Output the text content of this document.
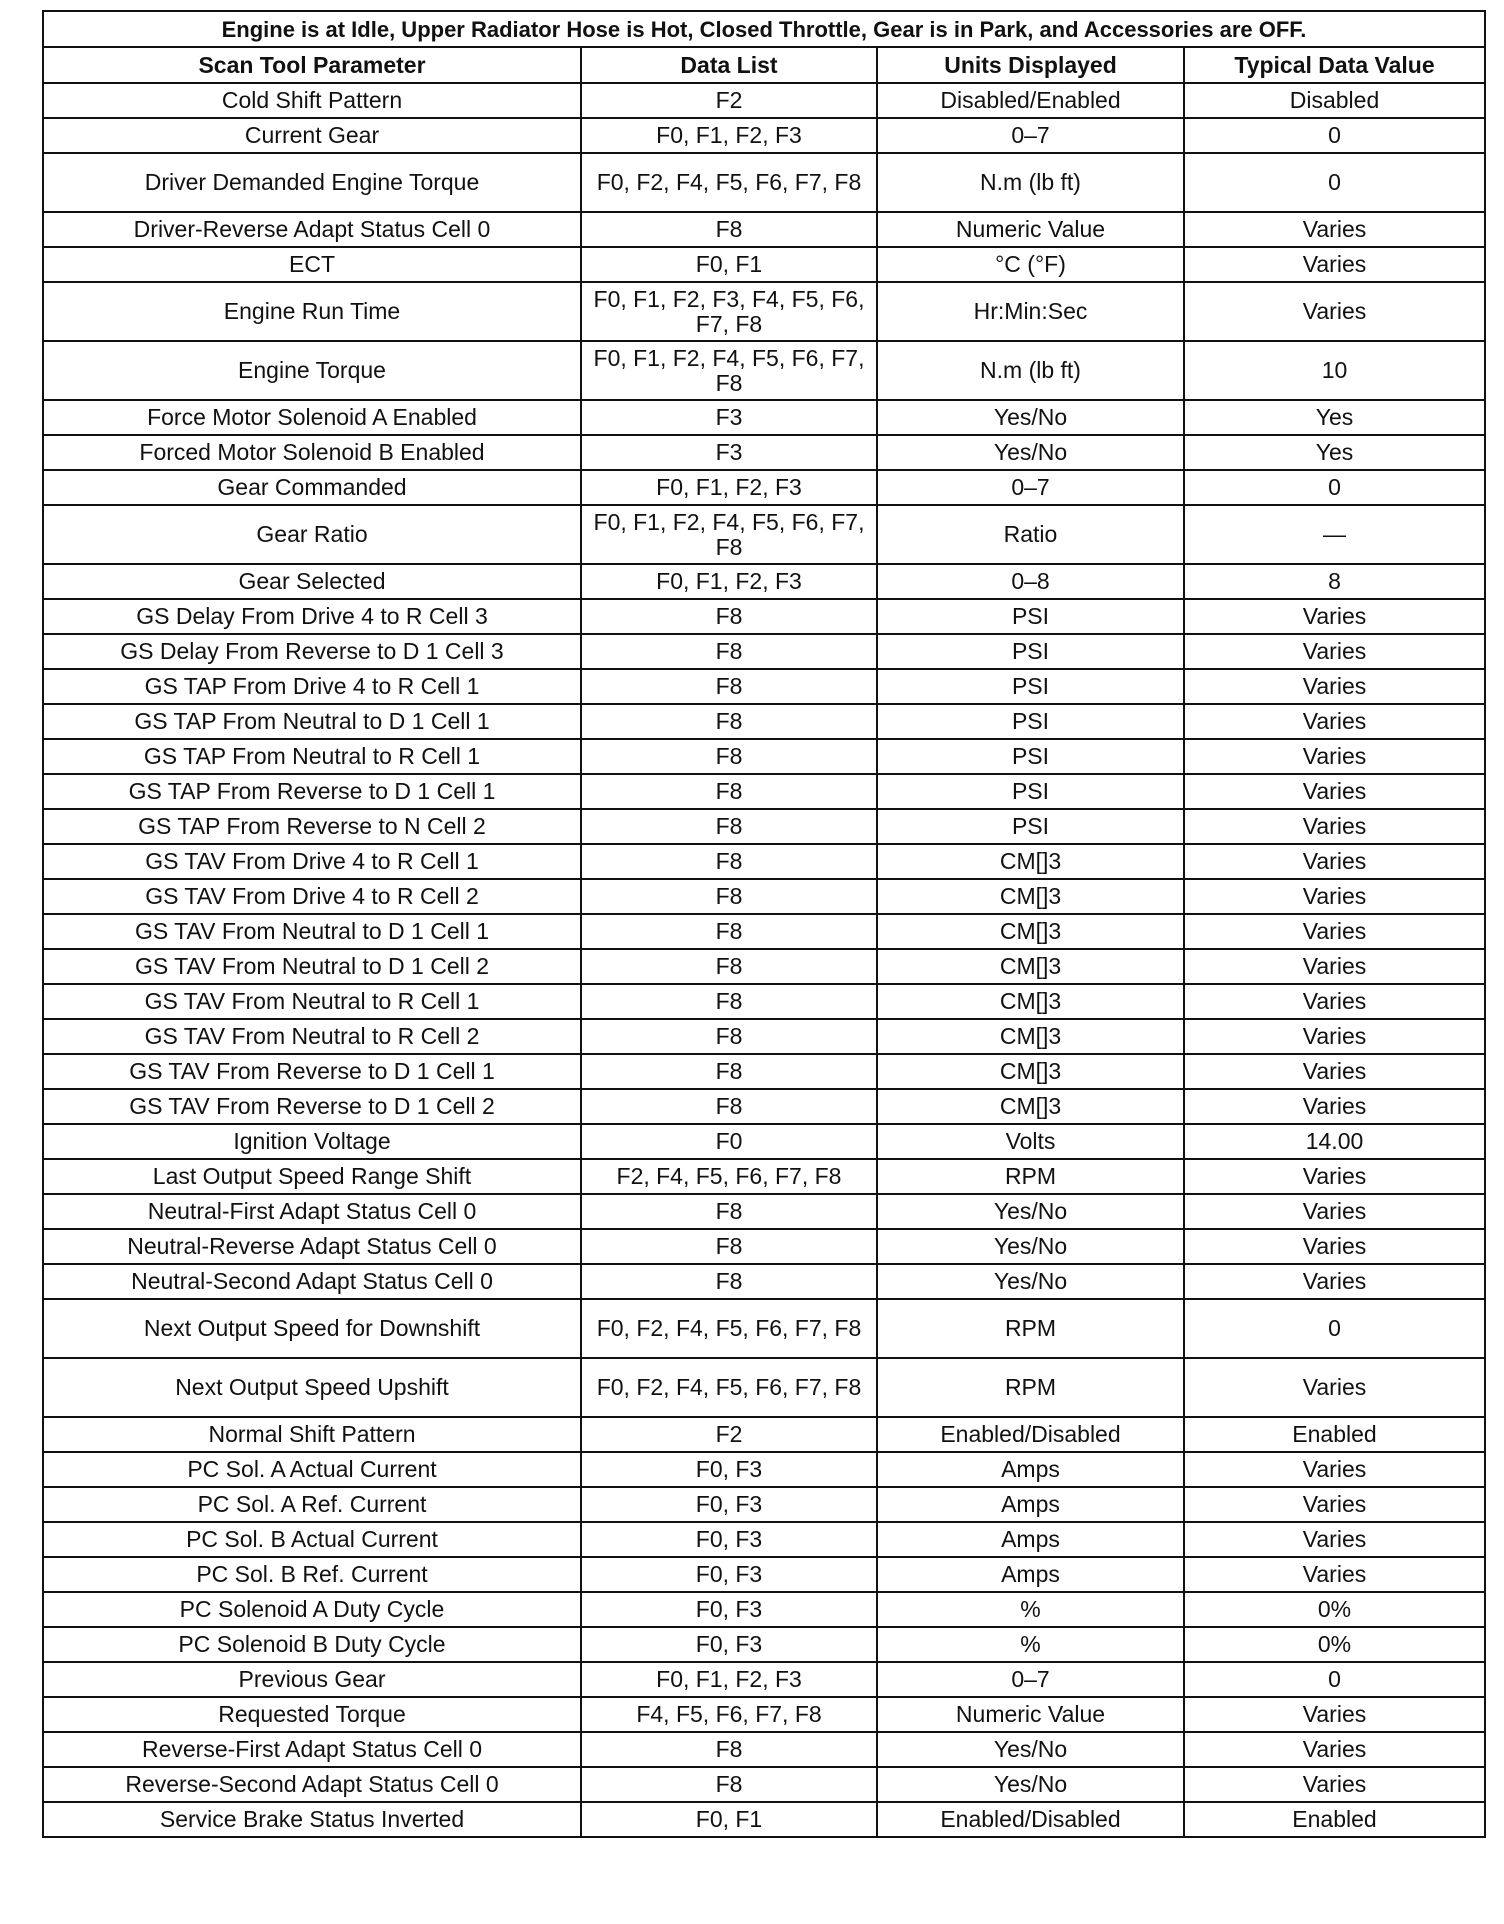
Engine is at Idle, Upper Radiator Hose is Hot, Closed Throttle, Gear is in Park, and Accessories are OFF.			
Scan Tool Parameter	Data List	Units Displayed	Typical Data Value
Cold Shift Pattern	F2	Disabled/Enabled	Disabled
Current Gear	F0, F1, F2, F3	0–7	0
Driver Demanded Engine Torque	F0, F2, F4, F5, F6, F7, F8	N.m (lb ft)	0
Driver-Reverse Adapt Status Cell 0	F8	Numeric Value	Varies
ECT	F0, F1	°C (°F)	Varies
Engine Run Time	F0, F1, F2, F3, F4, F5, F6, F7, F8	Hr:Min:Sec	Varies
Engine Torque	F0, F1, F2, F4, F5, F6, F7, F8	N.m (lb ft)	10
Force Motor Solenoid A Enabled	F3	Yes/No	Yes
Forced Motor Solenoid B Enabled	F3	Yes/No	Yes
Gear Commanded	F0, F1, F2, F3	0–7	0
Gear Ratio	F0, F1, F2, F4, F5, F6, F7, F8	Ratio	—
Gear Selected	F0, F1, F2, F3	0–8	8
GS Delay From Drive 4 to R Cell 3	F8	PSI	Varies
GS Delay From Reverse to D 1 Cell 3	F8	PSI	Varies
GS TAP From Drive 4 to R Cell 1	F8	PSI	Varies
GS TAP From Neutral to D 1 Cell 1	F8	PSI	Varies
GS TAP From Neutral to R Cell 1	F8	PSI	Varies
GS TAP From Reverse to D 1 Cell 1	F8	PSI	Varies
GS TAP From Reverse to N Cell 2	F8	PSI	Varies
GS TAV From Drive 4 to R Cell 1	F8	CM[]3	Varies
GS TAV From Drive 4 to R Cell 2	F8	CM[]3	Varies
GS TAV From Neutral to D 1 Cell 1	F8	CM[]3	Varies
GS TAV From Neutral to D 1 Cell 2	F8	CM[]3	Varies
GS TAV From Neutral to R Cell 1	F8	CM[]3	Varies
GS TAV From Neutral to R Cell 2	F8	CM[]3	Varies
GS TAV From Reverse to D 1 Cell 1	F8	CM[]3	Varies
GS TAV From Reverse to D 1 Cell 2	F8	CM[]3	Varies
Ignition Voltage	F0	Volts	14.00
Last Output Speed Range Shift	F2, F4, F5, F6, F7, F8	RPM	Varies
Neutral-First Adapt Status Cell 0	F8	Yes/No	Varies
Neutral-Reverse Adapt Status Cell 0	F8	Yes/No	Varies
Neutral-Second Adapt Status Cell 0	F8	Yes/No	Varies
Next Output Speed for Downshift	F0, F2, F4, F5, F6, F7, F8	RPM	0
Next Output Speed Upshift	F0, F2, F4, F5, F6, F7, F8	RPM	Varies
Normal Shift Pattern	F2	Enabled/Disabled	Enabled
PC Sol. A Actual Current	F0, F3	Amps	Varies
PC Sol. A Ref. Current	F0, F3	Amps	Varies
PC Sol. B Actual Current	F0, F3	Amps	Varies
PC Sol. B Ref. Current	F0, F3	Amps	Varies
PC Solenoid A Duty Cycle	F0, F3	%	0%
PC Solenoid B Duty Cycle	F0, F3	%	0%
Previous Gear	F0, F1, F2, F3	0–7	0
Requested Torque	F4, F5, F6, F7, F8	Numeric Value	Varies
Reverse-First Adapt Status Cell 0	F8	Yes/No	Varies
Reverse-Second Adapt Status Cell 0	F8	Yes/No	Varies
Service Brake Status Inverted	F0, F1	Enabled/Disabled	Enabled
